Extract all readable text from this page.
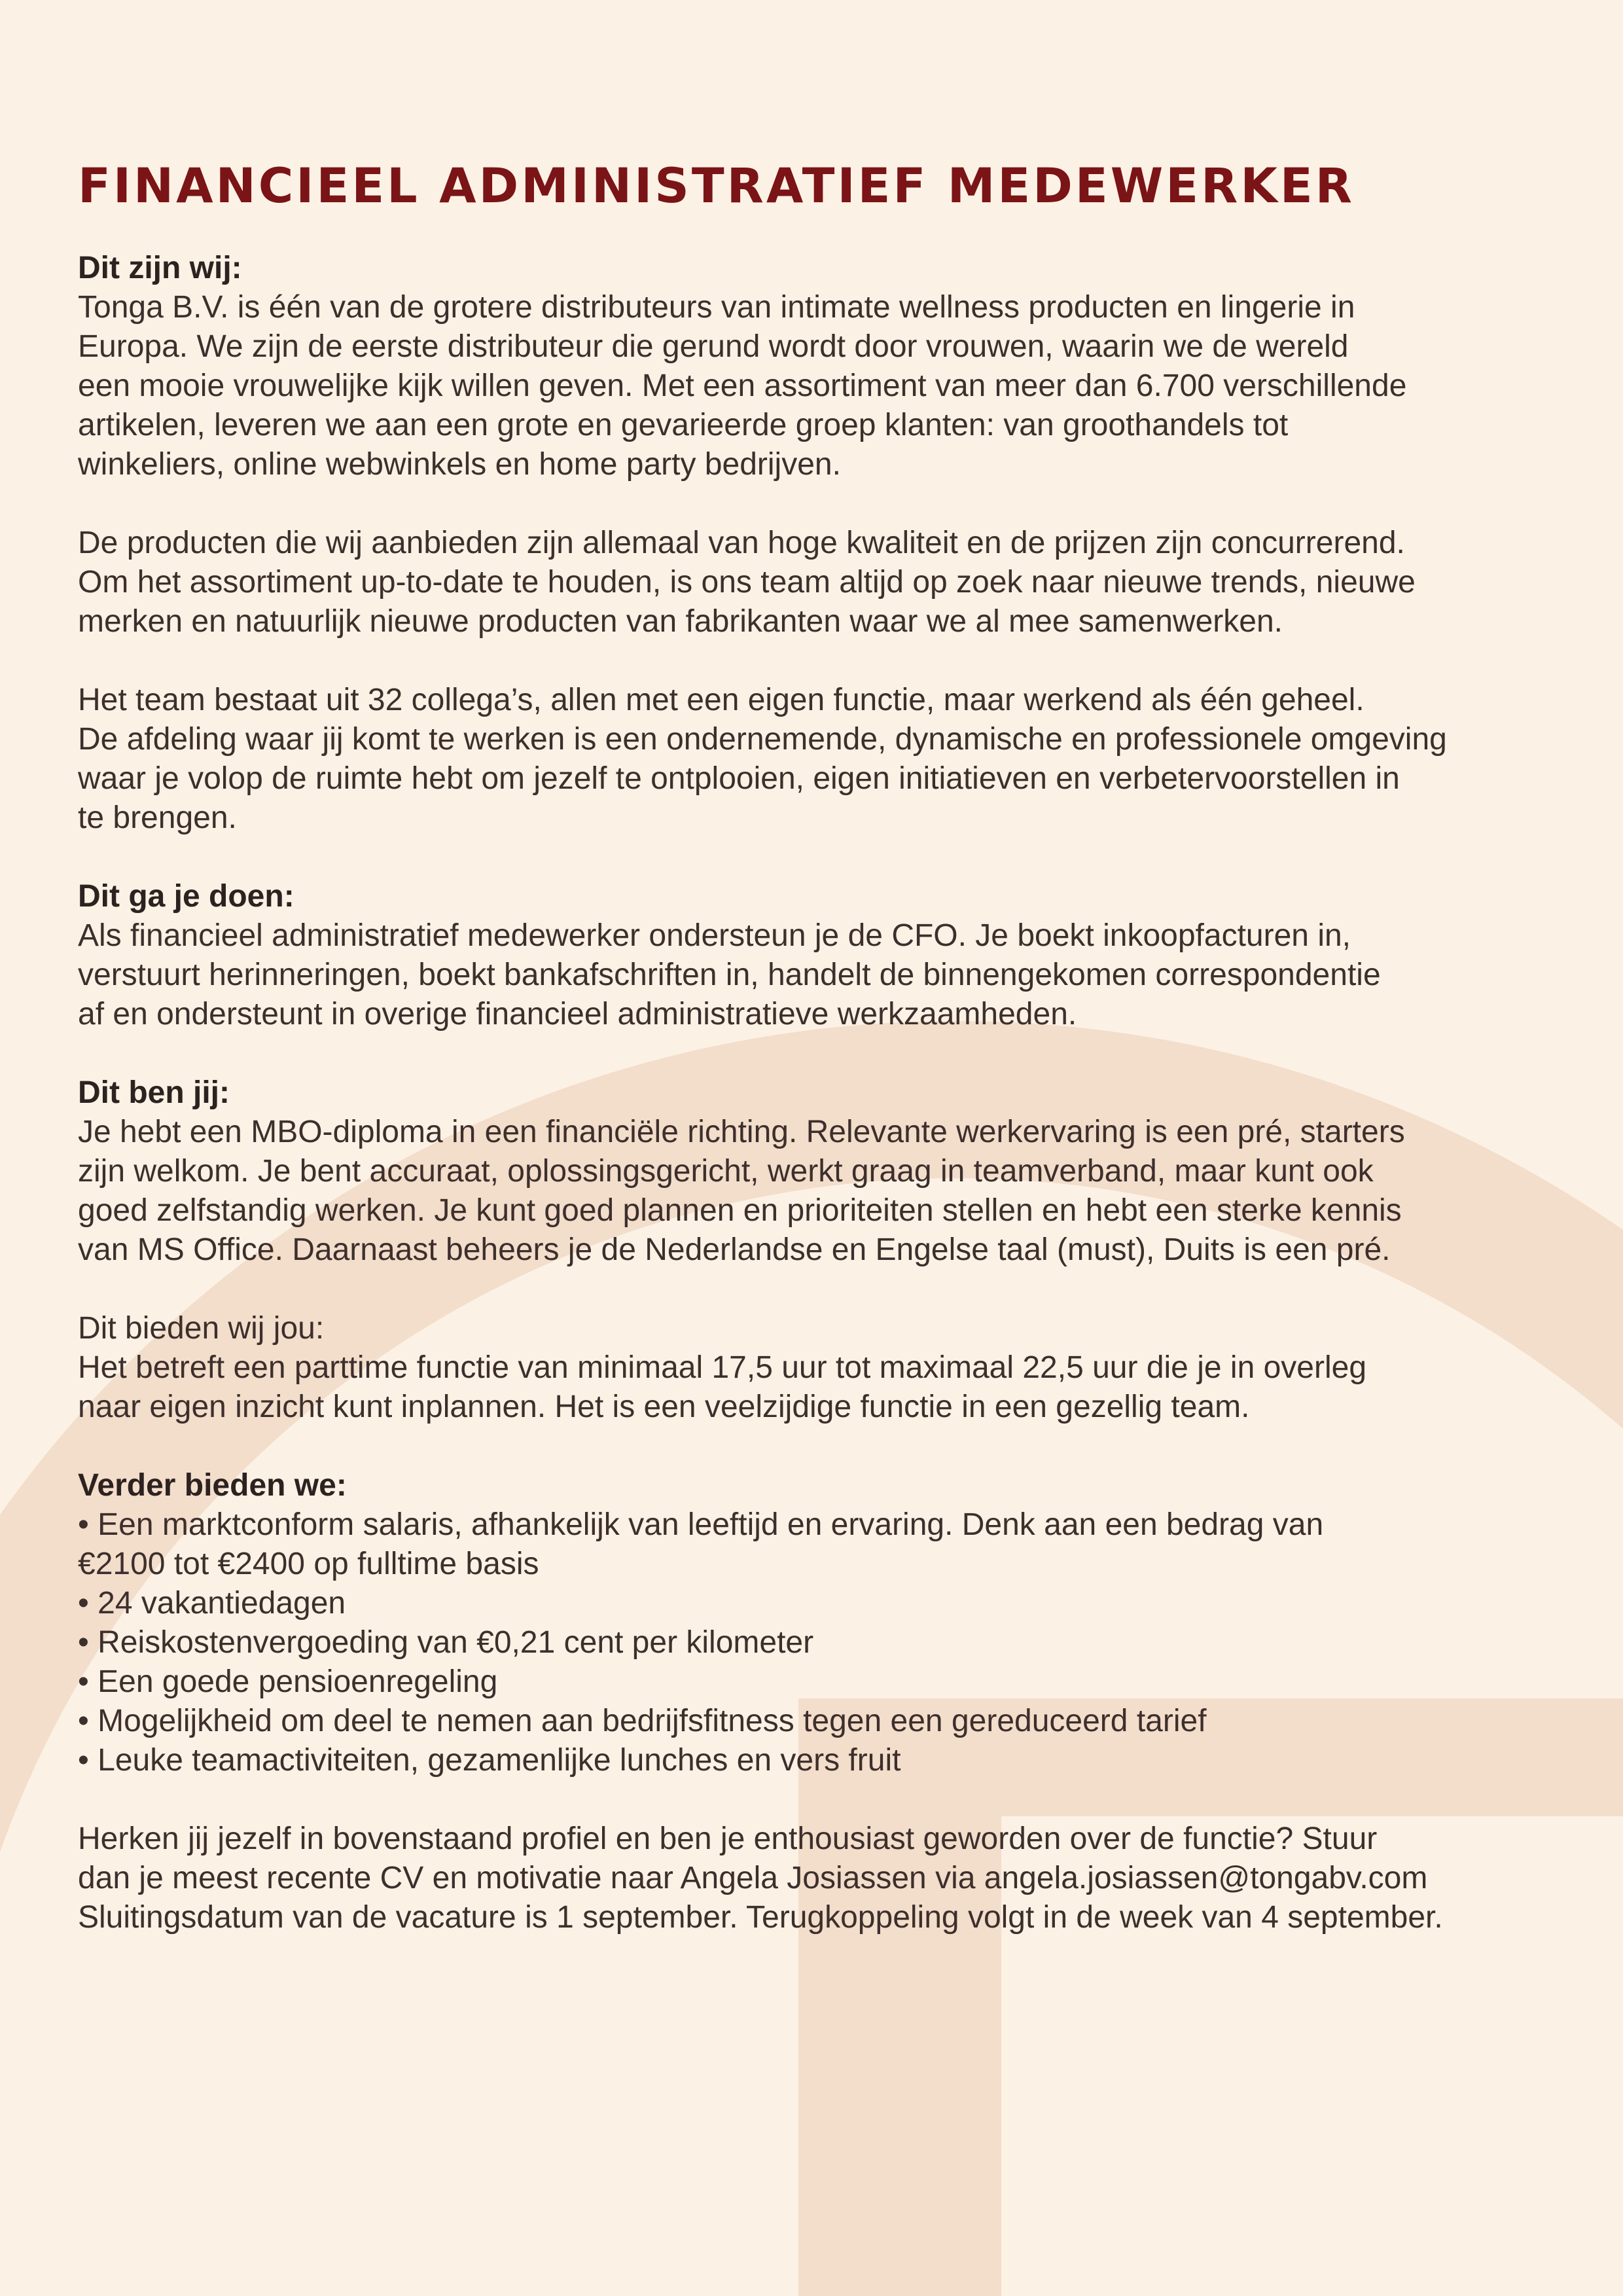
FINANCIEEL ADMINISTRATIEF MEDEWERKER
Dit zijn wij:
Tonga B.V. is één van de grotere distributeurs van intimate wellness producten en lingerie in
Europa. We zijn de eerste distributeur die gerund wordt door vrouwen, waarin we de wereld
een mooie vrouwelijke kijk willen geven. Met een assortiment van meer dan 6.700 verschillende
artikelen, leveren we aan een grote en gevarieerde groep klanten: van groothandels tot
winkeliers, online webwinkels en home party bedrijven.
De producten die wij aanbieden zijn allemaal van hoge kwaliteit en de prijzen zijn concurrerend.
Om het assortiment up-to-date te houden, is ons team altijd op zoek naar nieuwe trends, nieuwe
merken en natuurlijk nieuwe producten van fabrikanten waar we al mee samenwerken.
Het team bestaat uit 32 collega’s, allen met een eigen functie, maar werkend als één geheel.
De afdeling waar jij komt te werken is een ondernemende, dynamische en professionele omgeving
waar je volop de ruimte hebt om jezelf te ontplooien, eigen initiatieven en verbetervoorstellen in
te brengen.
Dit ga je doen:
Als financieel administratief medewerker ondersteun je de CFO. Je boekt inkoopfacturen in,
verstuurt herinneringen, boekt bankafschriften in, handelt de binnengekomen correspondentie
af en ondersteunt in overige financieel administratieve werkzaamheden.
Dit ben jij:
Je hebt een MBO-diploma in een financiële richting. Relevante werkervaring is een pré, starters
zijn welkom. Je bent accuraat, oplossingsgericht, werkt graag in teamverband, maar kunt ook
goed zelfstandig werken. Je kunt goed plannen en prioriteiten stellen en hebt een sterke kennis
van MS Office. Daarnaast beheers je de Nederlandse en Engelse taal (must), Duits is een pré.
Dit bieden wij jou:
Het betreft een parttime functie van minimaal 17,5 uur tot maximaal 22,5 uur die je in overleg
naar eigen inzicht kunt inplannen. Het is een veelzijdige functie in een gezellig team.
Verder bieden we:
• Een marktconform salaris, afhankelijk van leeftijd en ervaring. Denk aan een bedrag van
€2100 tot €2400 op fulltime basis
• 24 vakantiedagen
• Reiskostenvergoeding van €0,21 cent per kilometer
• Een goede pensioenregeling
• Mogelijkheid om deel te nemen aan bedrijfsfitness tegen een gereduceerd tarief
• Leuke teamactiviteiten, gezamenlijke lunches en vers fruit
Herken jij jezelf in bovenstaand profiel en ben je enthousiast geworden over de functie? Stuur
dan je meest recente CV en motivatie naar Angela Josiassen via angela.josiassen@tongabv.com
Sluitingsdatum van de vacature is 1 september. Terugkoppeling volgt in de week van 4 september.
